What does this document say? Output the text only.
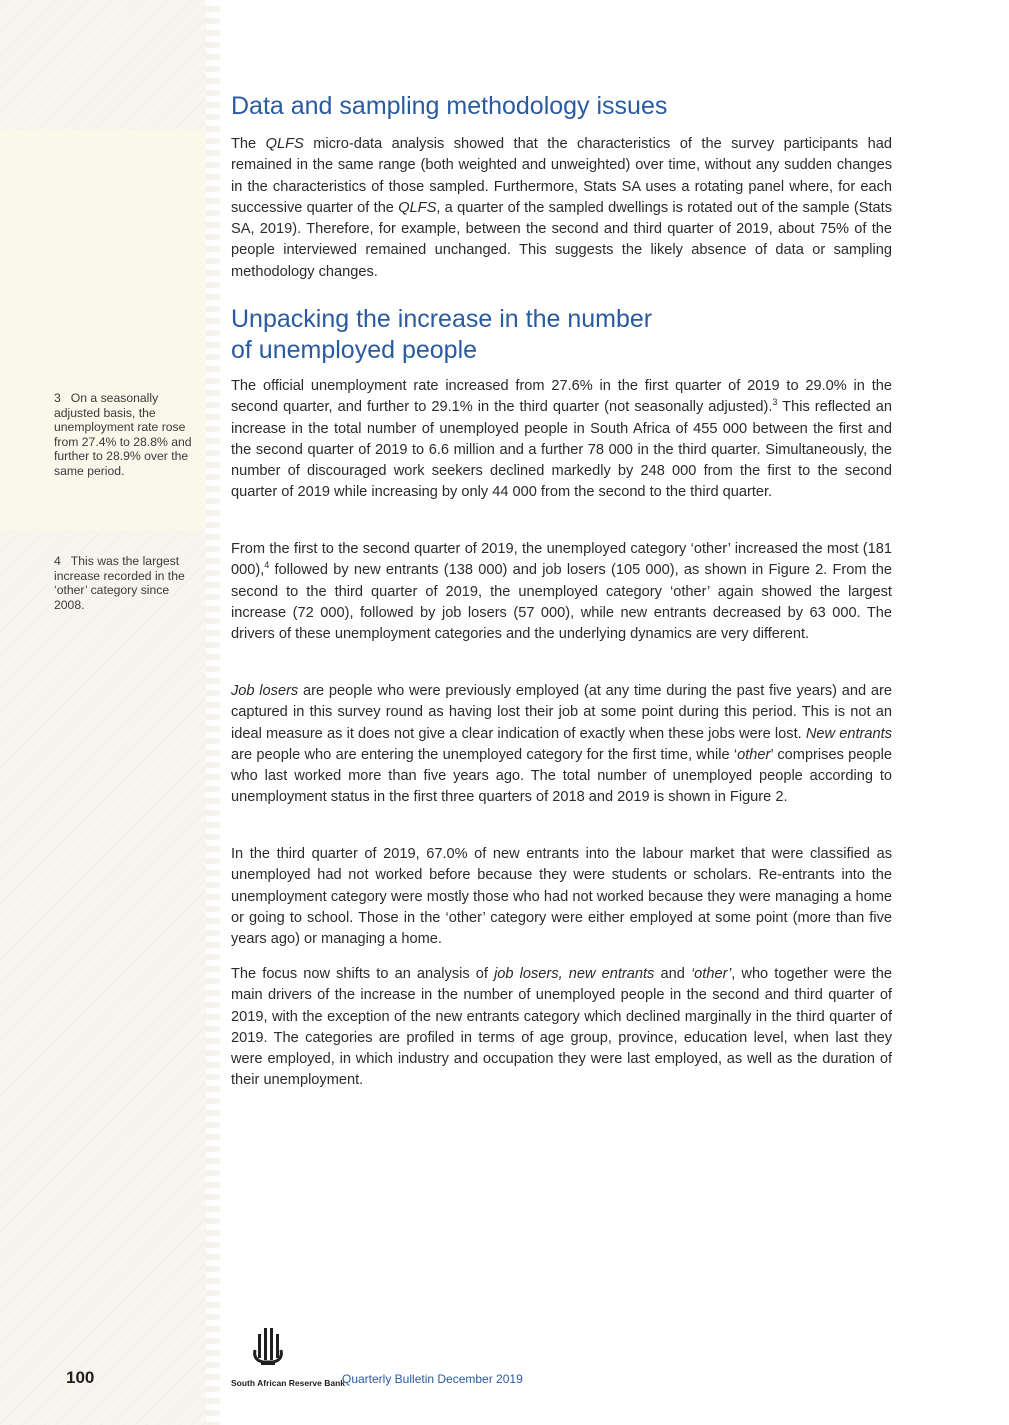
3 On a seasonally adjusted basis, the unemployment rate rose from 27.4% to 28.8% and further to 28.9% over the same period.
4 This was the largest increase recorded in the ‘other’ category since 2008.
Data and sampling methodology issues

The QLFS micro-data analysis showed that the characteristics of the survey participants had remained in the same range (both weighted and unweighted) over time, without any sudden changes in the characteristics of those sampled. Furthermore, Stats SA uses a rotating panel where, for each successive quarter of the QLFS, a quarter of the sampled dwellings is rotated out of the sample (Stats SA, 2019). Therefore, for example, between the second and third quarter of 2019, about 75% of the people interviewed remained unchanged. This suggests the likely absence of data or sampling methodology changes.

Unpacking the increase in the number
of unemployed people

The official unemployment rate increased from 27.6% in the first quarter of 2019 to 29.0% in the second quarter, and further to 29.1% in the third quarter (not seasonally adjusted).$^3$ This reflected an increase in the total number of unemployed people in South Africa of 455 000 between the first and the second quarter of 2019 to 6.6 million and a further 78 000 in the third quarter. Simultaneously, the number of discouraged work seekers declined markedly by 248 000 from the first to the second quarter of 2019 while increasing by only 44 000 from the second to the third quarter.

From the first to the second quarter of 2019, the unemployed category ‘other’ increased the most (181 000),$^4$ followed by new entrants (138 000) and job losers (105 000), as shown in Figure 2. From the second to the third quarter of 2019, the unemployed category ‘other’ again showed the largest increase (72 000), followed by job losers (57 000), while new entrants decreased by 63 000. The drivers of these unemployment categories and the underlying dynamics are very different.

Job losers are people who were previously employed (at any time during the past five years) and are captured in this survey round as having lost their job at some point during this period. This is not an ideal measure as it does not give a clear indication of exactly when these jobs were lost. New entrants are people who are entering the unemployed category for the first time, while ‘other’ comprises people who last worked more than five years ago. The total number of unemployed people according to unemployment status in the first three quarters of 2018 and 2019 is shown in Figure 2.

In the third quarter of 2019, 67.0% of new entrants into the labour market that were classified as unemployed had not worked before because they were students or scholars. Re-entrants into the unemployment category were mostly those who had not worked because they were managing a home or going to school. Those in the ‘other’ category were either employed at some point (more than five years ago) or managing a home.

The focus now shifts to an analysis of job losers, new entrants and ‘other’, who together were the main drivers of the increase in the number of unemployed people in the second and third quarter of 2019, with the exception of the new entrants category which declined marginally in the third quarter of 2019. The categories are profiled in terms of age group, province, education level, when last they were employed, in which industry and occupation they were last employed, as well as the duration of their unemployment.

100	South African Reserve Bank
Quarterly Bulletin December 2019
